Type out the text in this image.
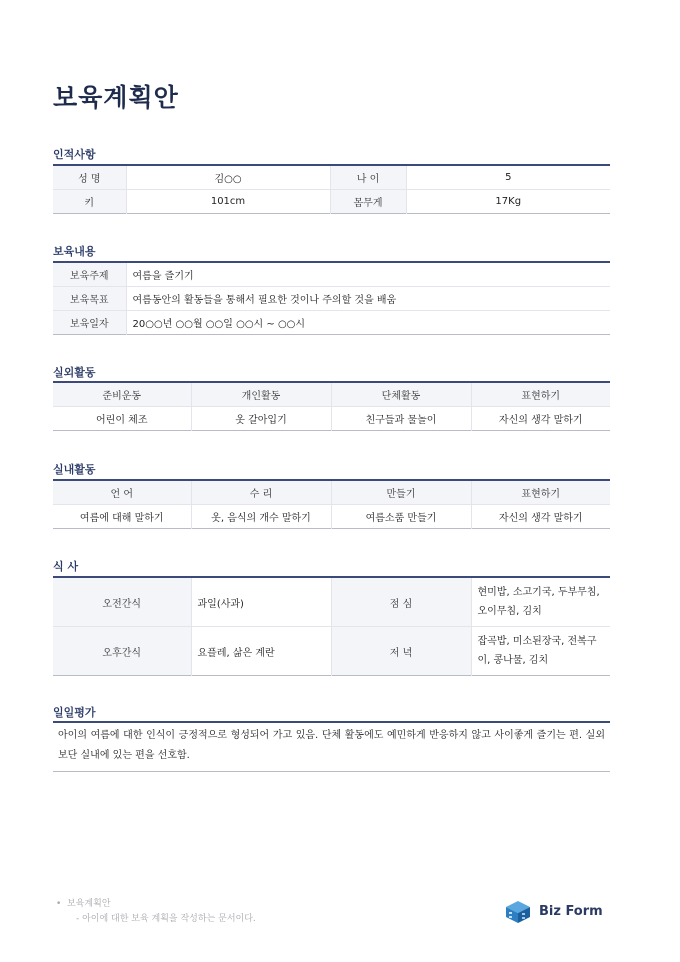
보육계획안
인적사항
성 명	김○○	나 이	5
키	101cm	몸무게	17Kg
보육내용
보육주제	여름을 즐기기
보육목표	여름동안의 활동들을 통해서 필요한 것이나 주의할 것을 배움
보육일자	20○○년 ○○월 ○○일 ○○시 ~ ○○시
실외활동
준비운동	개인활동	단체활동	표현하기
어린이 체조	옷 갈아입기	친구들과 물놀이	자신의 생각 말하기
실내활동
언 어	수 리	만들기	표현하기
여름에 대해 말하기	옷, 음식의 개수 말하기	여름소품 만들기	자신의 생각 말하기
식 사
오전간식	과일(사과)	점 심	현미밥, 소고기국, 두부무침, 오이무침, 김치
오후간식	요플레, 삶은 계란	저 녁	잡곡밥, 미소된장국, 전복구이, 콩나물, 김치
일일평가
아이의 여름에 대한 인식이 긍정적으로 형성되어 가고 있음. 단체 활동에도 예민하게 반응하지 않고 사이좋게 즐기는 편. 실외보단 실내에 있는 편을 선호함.
• 보육계획안
- 아이에 대한 보육 계획을 작성하는 문서이다.
Biz Form
